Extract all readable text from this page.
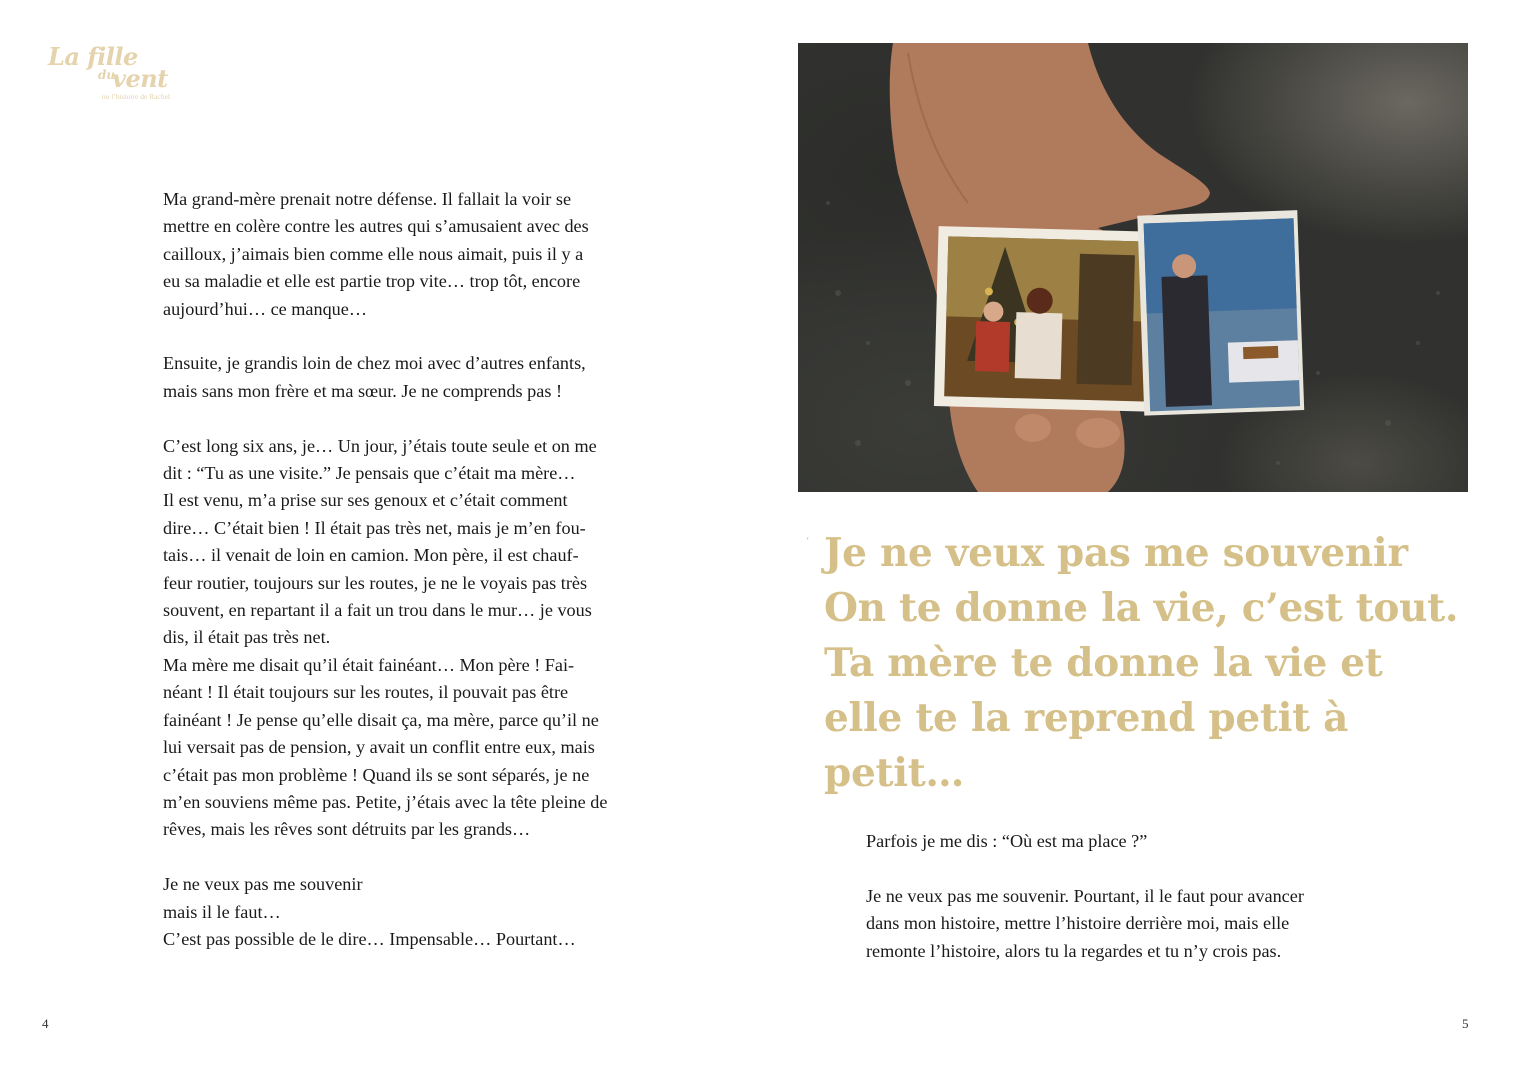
La fille
du
vent
ou l’histoire de Rachel

Ma grand-mère prenait notre défense. Il fallait la voir se
mettre en colère contre les autres qui s’amusaient avec des
cailloux, j’aimais bien comme elle nous aimait, puis il y a
eu sa maladie et elle est partie trop vite… trop tôt, encore
aujourd’hui… ce manque…

Ensuite, je grandis loin de chez moi avec d’autres enfants,
mais sans mon frère et ma sœur. Je ne comprends pas !

C’est long six ans, je… Un jour, j’étais toute seule et on me
dit : “Tu as une visite.” Je pensais que c’était ma mère…
Il est venu, m’a prise sur ses genoux et c’était comment
dire… C’était bien ! Il était pas très net, mais je m’en fou-
tais… il venait de loin en camion. Mon père, il est chauf-
feur routier, toujours sur les routes, je ne le voyais pas très
souvent, en repartant il a fait un trou dans le mur… je vous
dis, il était pas très net.
Ma mère me disait qu’il était fainéant… Mon père ! Fai-
néant ! Il était toujours sur les routes, il pouvait pas être
fainéant ! Je pense qu’elle disait ça, ma mère, parce qu’il ne
lui versait pas de pension, y avait un conflit entre eux, mais
c’était pas mon problème ! Quand ils se sont séparés, je ne
m’en souviens même pas. Petite, j’étais avec la tête pleine de
rêves, mais les rêves sont détruits par les grands…

Je ne veux pas me souvenir
mais il le faut…
C’est pas possible de le dire… Impensable… Pourtant…

4
‘ Je ne veux pas me souvenir
On te donne la vie, c’est tout.
Ta mère te donne la vie et
elle te la reprend petit à
petit…

Parfois je me dis : “Où est ma place ?”

Je ne veux pas me souvenir. Pourtant, il le faut pour avancer
dans mon histoire, mettre l’histoire derrière moi, mais elle
remonte l’histoire, alors tu la regardes et tu n’y crois pas.

5
